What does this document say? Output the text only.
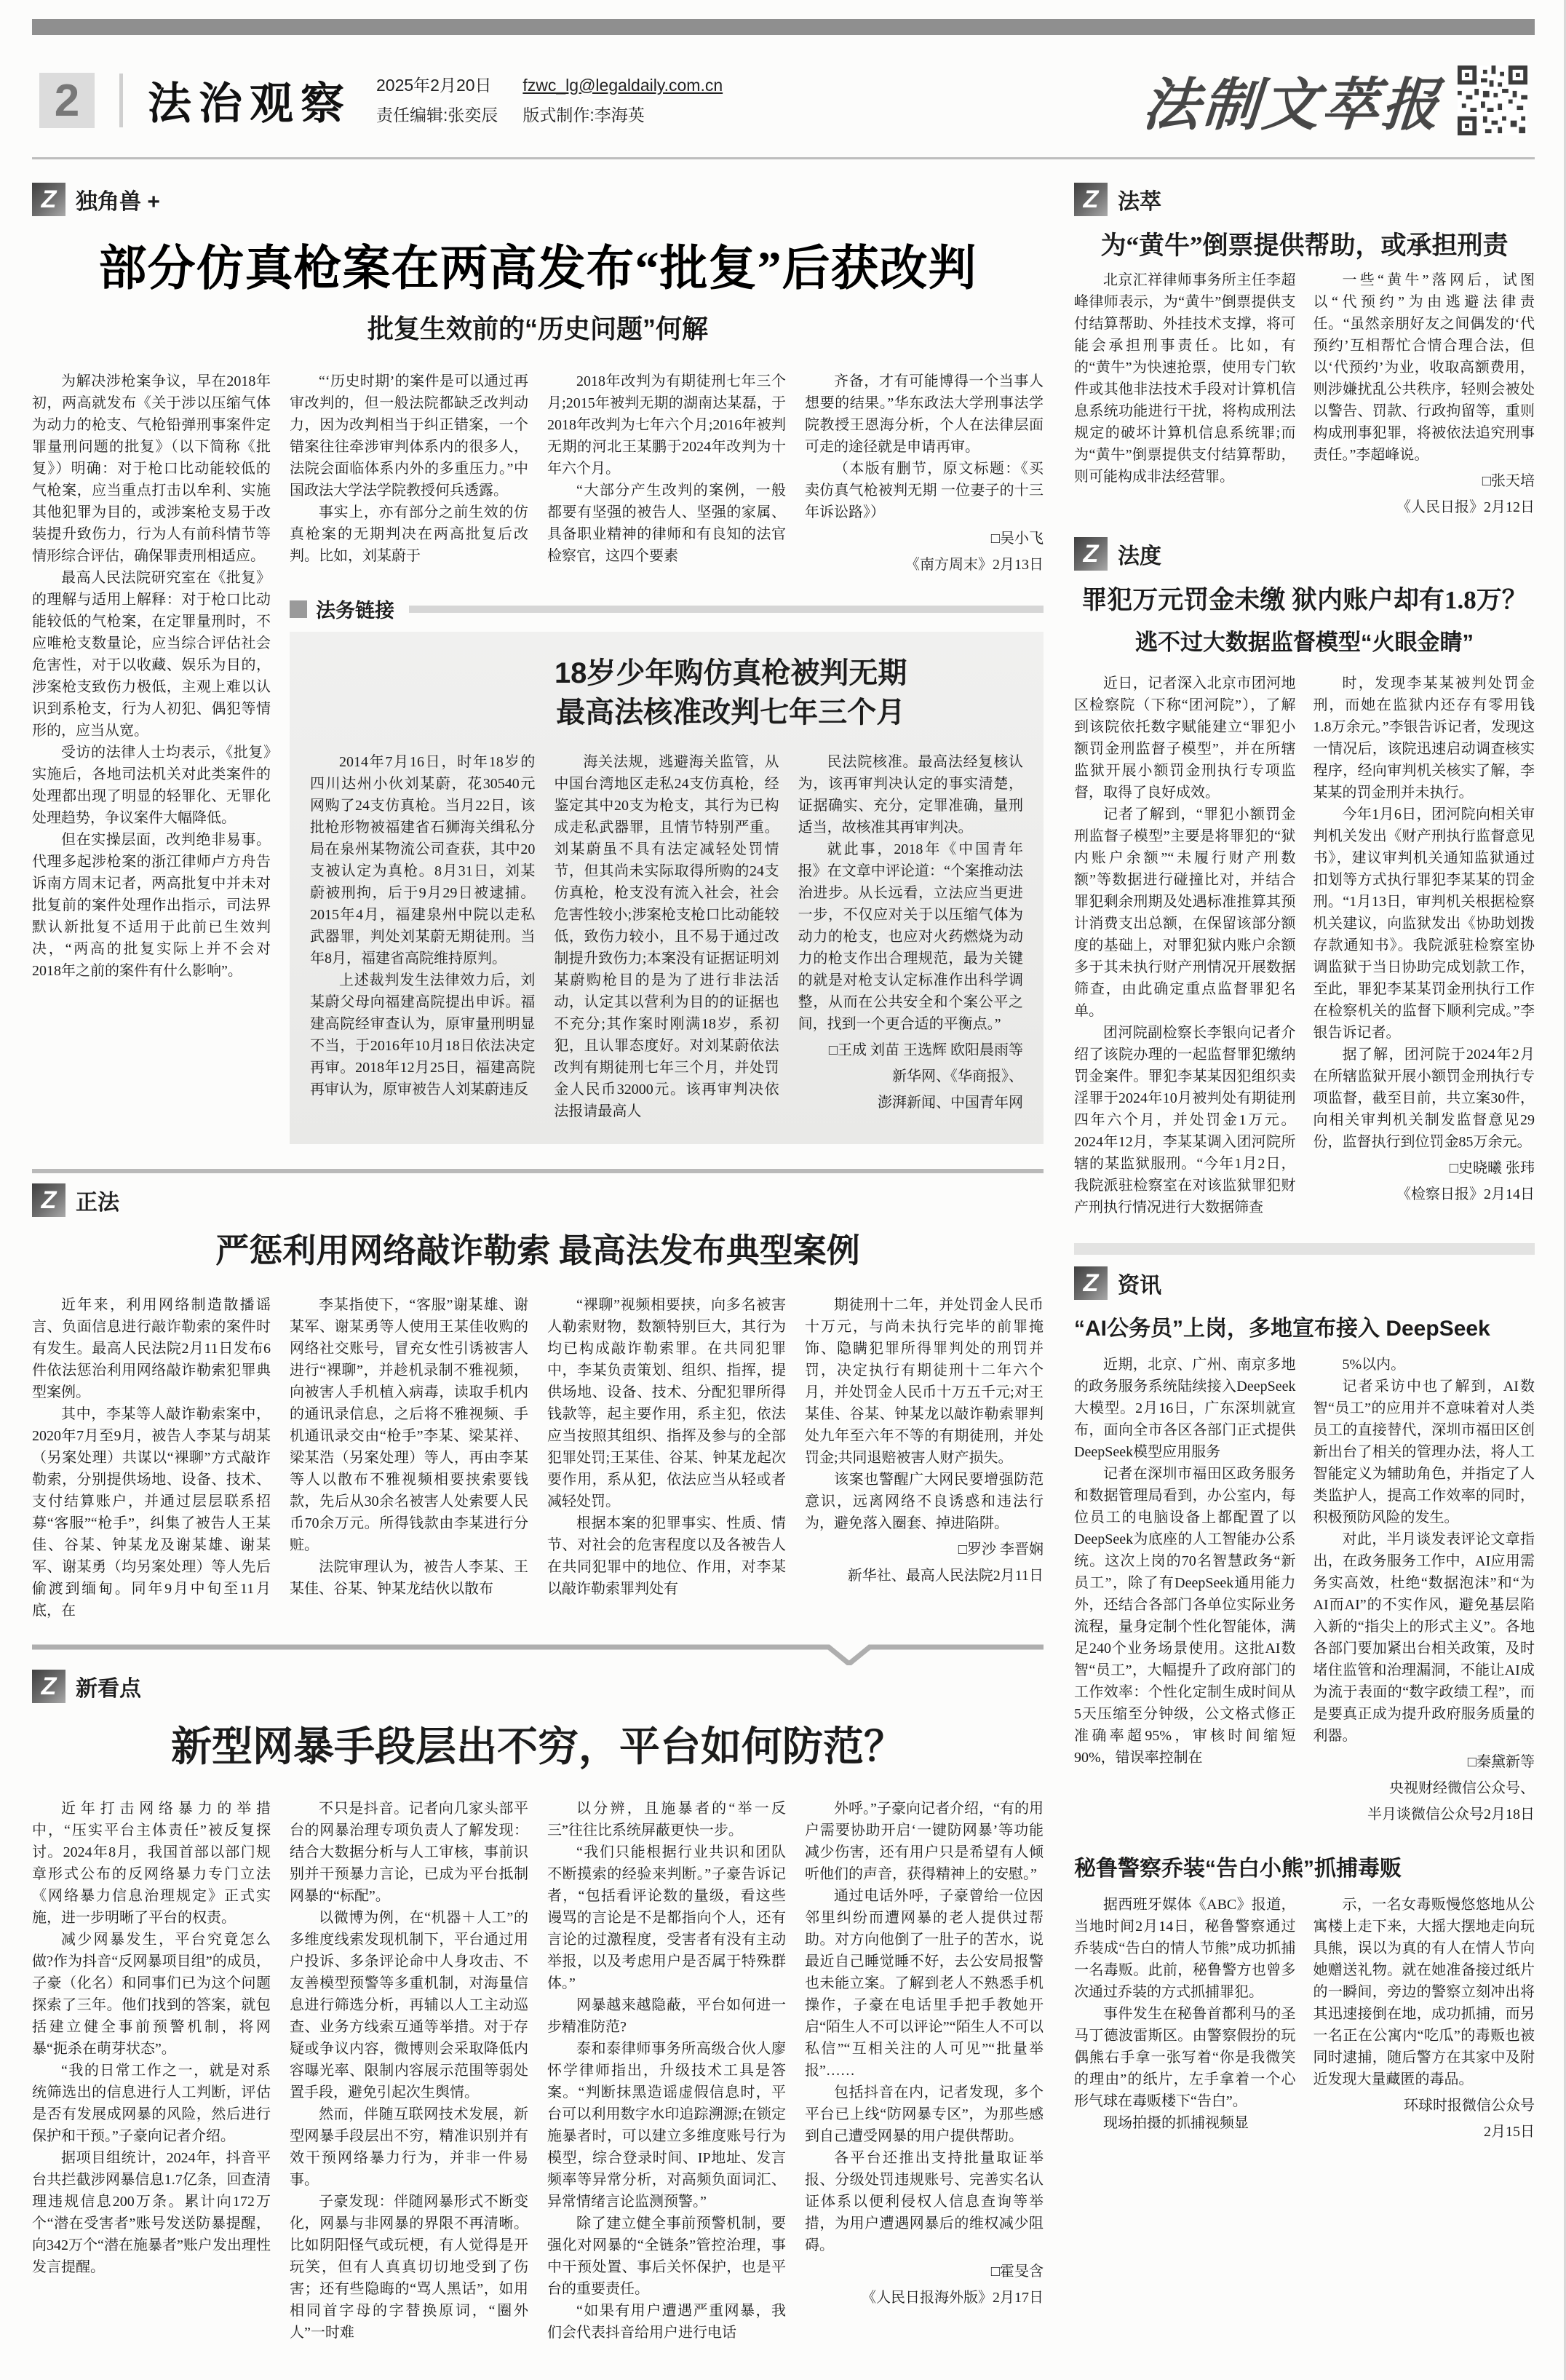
2	法治观察 2025年2月20日
责任编辑:张奕辰
fzwc_lg@legaldaily.com.cn
版式制作:李海英	法制文萃报
Z 独角兽 +
部分仿真枪案在两高发布“批复”后获改判
批复生效前的“历史问题”何解

为解决涉枪案争议，早在2018年初，两高就发布《关于涉以压缩气体为动力的枪支、气枪铅弹刑事案件定罪量刑问题的批复》（以下简称《批复》）明确：对于枪口比动能较低的气枪案，应当重点打击以牟利、实施其他犯罪为目的，或涉案枪支易于改装提升致伤力，行为人有前科情节等情形综合评估，确保罪责刑相适应。

最高人民法院研究室在《批复》的理解与适用上解释：对于枪口比动能较低的气枪案，在定罪量刑时，不应唯枪支数量论，应当综合评估社会危害性，对于以收藏、娱乐为目的，涉案枪支致伤力极低，主观上难以认识到系枪支，行为人初犯、偶犯等情形的，应当从宽。

受访的法律人士均表示，《批复》实施后，各地司法机关对此类案件的处理都出现了明显的轻罪化、无罪化处理趋势，争议案件大幅降低。

但在实操层面，改判绝非易事。代理多起涉枪案的浙江律师卢方舟告诉南方周末记者，两高批复中并未对批复前的案件处理作出指示，司法界默认新批复不适用于此前已生效判决，“两高的批复实际上并不会对2018年之前的案件有什么影响”。

“‘历史时期’的案件是可以通过再审改判的，但一般法院都缺乏改判动力，因为改判相当于纠正错案，一个错案往往牵涉审判体系内的很多人，法院会面临体系内外的多重压力。”中国政法大学法学院教授何兵透露。

事实上，亦有部分之前生效的仿真枪案的无期判决在两高批复后改判。比如，刘某蔚于

2018年改判为有期徒刑七年三个月;2015年被判无期的湖南达某磊，于2018年改判为七年六个月;2016年被判无期的河北王某鹏于2024年改判为十年六个月。

“大部分产生改判的案例，一般都要有坚强的被告人、坚强的家属、具备职业精神的律师和有良知的法官检察官，这四个要素

齐备，才有可能博得一个当事人想要的结果。”华东政法大学刑事法学院教授王恩海分析，个人在法律层面可走的途径就是申请再审。

（本版有删节，原文标题：《买卖仿真气枪被判无期 一位妻子的十三年诉讼路》）

□吴小飞

《南方周末》2月13日

法务链接
18岁少年购仿真枪被判无期
最高法核准改判七年三个月

2014年7月16日，时年18岁的四川达州小伙刘某蔚，花30540元网购了24支仿真枪。当月22日，该批枪形物被福建省石狮海关缉私分局在泉州某物流公司查获，其中20支被认定为真枪。8月31日，刘某蔚被刑拘，后于9月29日被逮捕。2015年4月，福建泉州中院以走私武器罪，判处刘某蔚无期徒刑。当年8月，福建省高院维持原判。

上述裁判发生法律效力后，刘某蔚父母向福建高院提出申诉。福建高院经审查认为，原审量刑明显不当，于2016年10月18日依法决定再审。2018年12月25日，福建高院再审认为，原审被告人刘某蔚违反

海关法规，逃避海关监管，从中国台湾地区走私24支仿真枪，经鉴定其中20支为枪支，其行为已构成走私武器罪，且情节特别严重。刘某蔚虽不具有法定减轻处罚情节，但其尚未实际取得所购的24支仿真枪，枪支没有流入社会，社会危害性较小;涉案枪支枪口比动能较低，致伤力较小，且不易于通过改制提升致伤力;本案没有证据证明刘某蔚购枪目的是为了进行非法活动，认定其以营利为目的的证据也不充分;其作案时刚满18岁，系初犯，且认罪态度好。对刘某蔚依法改判有期徒刑七年三个月，并处罚金人民币32000元。该再审判决依法报请最高人

民法院核准。最高法经复核认为，该再审判决认定的事实清楚，证据确实、充分，定罪准确，量刑适当，故核准其再审判决。

就此事，2018年《中国青年报》在文章中评论道：“个案推动法治进步。从长远看，立法应当更进一步，不仅应对关于以压缩气体为动力的枪支，也应对火药燃烧为动力的枪支作出合理规范，最为关键的就是对枪支认定标准作出科学调整，从而在公共安全和个案公平之间，找到一个更合适的平衡点。”

□王成 刘苗 王选辉 欧阳晨雨等

新华网、《华商报》、

澎湃新闻、中国青年网

Z 正法
严惩利用网络敲诈勒索 最高法发布典型案例

近年来，利用网络制造散播谣言、负面信息进行敲诈勒索的案件时有发生。最高人民法院2月11日发布6件依法惩治利用网络敲诈勒索犯罪典型案例。

其中，李某等人敲诈勒索案中，2020年7月至9月，被告人李某与胡某（另案处理）共谋以“裸聊”方式敲诈勒索，分别提供场地、设备、技术、支付结算账户，并通过层层联系招募“客服”“枪手”，纠集了被告人王某佳、谷某、钟某龙及谢某雄、谢某军、谢某勇（均另案处理）等人先后偷渡到缅甸。同年9月中旬至11月底，在

李某指使下，“客服”谢某雄、谢某军、谢某勇等人使用王某佳收购的网络社交账号，冒充女性引诱被害人进行“裸聊”，并趁机录制不雅视频，向被害人手机植入病毒，读取手机内的通讯录信息，之后将不雅视频、手机通讯录交由“枪手”李某、梁某祥、梁某浩（另案处理）等人，再由李某等人以散布不雅视频相要挟索要钱款，先后从30余名被害人处索要人民币70余万元。所得钱款由李某进行分赃。

法院审理认为，被告人李某、王某佳、谷某、钟某龙结伙以散布

“裸聊”视频相要挟，向多名被害人勒索财物，数额特别巨大，其行为均已构成敲诈勒索罪。在共同犯罪中，李某负责策划、组织、指挥，提供场地、设备、技术、分配犯罪所得钱款等，起主要作用，系主犯，依法应当按照其组织、指挥及参与的全部犯罪处罚;王某佳、谷某、钟某龙起次要作用，系从犯，依法应当从轻或者减轻处罚。

根据本案的犯罪事实、性质、情节、对社会的危害程度以及各被告人在共同犯罪中的地位、作用，对李某以敲诈勒索罪判处有

期徒刑十二年，并处罚金人民币十万元，与尚未执行完毕的前罪掩饰、隐瞒犯罪所得罪判处的刑罚并罚，决定执行有期徒刑十二年六个月，并处罚金人民币十万五千元;对王某佳、谷某、钟某龙以敲诈勒索罪判处九年至六年不等的有期徒刑，并处罚金;共同退赔被害人财产损失。

该案也警醒广大网民要增强防范意识，远离网络不良诱惑和违法行为，避免落入圈套、掉进陷阱。

□罗沙 李晋娴

新华社、最高人民法院2月11日

Z 新看点
新型网暴手段层出不穷，平台如何防范？

近年打击网络暴力的举措中，“压实平台主体责任”被反复探讨。2024年8月，我国首部以部门规章形式公布的反网络暴力专门立法《网络暴力信息治理规定》正式实施，进一步明晰了平台的权责。

减少网暴发生，平台究竟怎么做?作为抖音“反网暴项目组”的成员，子豪（化名）和同事们已为这个问题探索了三年。他们找到的答案，就包括建立健全事前预警机制，将网暴“扼杀在萌芽状态”。

“我的日常工作之一，就是对系统筛选出的信息进行人工判断，评估是否有发展成网暴的风险，然后进行保护和干预。”子豪向记者介绍。

据项目组统计，2024年，抖音平台共拦截涉网暴信息1.7亿条，回查清理违规信息200万条。累计向172万个“潜在受害者”账号发送防暴提醒，向342万个“潜在施暴者”账户发出理性发言提醒。

不只是抖音。记者向几家头部平台的网暴治理专项负责人了解发现：结合大数据分析与人工审核，事前识别并干预暴力言论，已成为平台抵制网暴的“标配”。

以微博为例，在“机器＋人工”的多维度线索发现机制下，平台通过用户投诉、多条评论命中人身攻击、不友善模型预警等多重机制，对海量信息进行筛选分析，再辅以人工主动巡查、业务方线索互通等举措。对于存疑或争议内容，微博则会采取降低内容曝光率、限制内容展示范围等弱处置手段，避免引起次生舆情。

然而，伴随互联网技术发展，新型网暴手段层出不穷，精准识别并有效干预网络暴力行为，并非一件易事。

子豪发现：伴随网暴形式不断变化，网暴与非网暴的界限不再清晰。比如阴阳怪气或玩梗，有人觉得是开玩笑，但有人真真切切地受到了伤害；还有些隐晦的“骂人黑话”，如用相同首字母的字替换原词，“圈外人”一时难

以分辨，且施暴者的“举一反三”往往比系统屏蔽更快一步。

“我们只能根据行业共识和团队不断摸索的经验来判断。”子豪告诉记者，“包括看评论数的量级，看这些谩骂的言论是不是都指向个人，还有言论的过激程度，受害者有没有主动举报，以及考虑用户是否属于特殊群体。”

网暴越来越隐蔽，平台如何进一步精准防范?

泰和泰律师事务所高级合伙人廖怀学律师指出，升级技术工具是答案。“判断抹黑造谣虚假信息时，平台可以利用数字水印追踪溯源;在锁定施暴者时，可以建立多维度账号行为模型，综合登录时间、IP地址、发言频率等异常分析，对高频负面词汇、异常情绪言论监测预警。”

除了建立健全事前预警机制，要强化对网暴的“全链条”管控治理，事中干预处置、事后关怀保护，也是平台的重要责任。

“如果有用户遭遇严重网暴，我们会代表抖音给用户进行电话

外呼。”子豪向记者介绍，“有的用户需要协助开启‘一键防网暴’等功能减少伤害，还有用户只是希望有人倾听他们的声音，获得精神上的安慰。”

通过电话外呼，子豪曾给一位因邻里纠纷而遭网暴的老人提供过帮助。对方向他倒了一肚子的苦水，说最近自己睡觉睡不好，去公安局报警也未能立案。了解到老人不熟悉手机操作，子豪在电话里手把手教她开启“陌生人不可以评论”“陌生人不可以私信”“互相关注的人可见”“批量举报”……

包括抖音在内，记者发现，多个平台已上线“防网暴专区”，为那些感到自己遭受网暴的用户提供帮助。

各平台还推出支持批量取证举报、分级处罚违规账号、完善实名认证体系以便利侵权人信息查询等举措，为用户遭遇网暴后的维权减少阻碍。

□霍旻含

《人民日报海外版》2月17日

Z 法萃
为“黄牛”倒票提供帮助，或承担刑责

北京汇祥律师事务所主任李超峰律师表示，为“黄牛”倒票提供支付结算帮助、外挂技术支撑，将可能会承担刑事责任。比如，有的“黄牛”为快速抢票，使用专门软件或其他非法技术手段对计算机信息系统功能进行干扰，将构成刑法规定的破坏计算机信息系统罪;而为“黄牛”倒票提供支付结算帮助，则可能构成非法经营罪。

一些“黄牛”落网后，试图以“代预约”为由逃避法律责任。“虽然亲朋好友之间偶发的‘代预约’互相帮忙合情合理合法，但以‘代预约’为业，收取高额费用，则涉嫌扰乱公共秩序，轻则会被处以警告、罚款、行政拘留等，重则构成刑事犯罪，将被依法追究刑事责任。”李超峰说。

□张天培

《人民日报》2月12日

Z 法度
罪犯万元罚金未缴 狱内账户却有1.8万？
逃不过大数据监督模型“火眼金睛”

近日，记者深入北京市团河地区检察院（下称“团河院”），了解到该院依托数字赋能建立“罪犯小额罚金刑监督子模型”，并在所辖监狱开展小额罚金刑执行专项监督，取得了良好成效。

记者了解到，“罪犯小额罚金刑监督子模型”主要是将罪犯的“狱内账户余额”“未履行财产刑数额”等数据进行碰撞比对，并结合罪犯剩余刑期及处遇标准推算其预计消费支出总额，在保留该部分额度的基础上，对罪犯狱内账户余额多于其未执行财产刑情况开展数据筛查，由此确定重点监督罪犯名单。

团河院副检察长李银向记者介绍了该院办理的一起监督罪犯缴纳罚金案件。罪犯李某某因犯组织卖淫罪于2024年10月被判处有期徒刑四年六个月，并处罚金1万元。2024年12月，李某某调入团河院所辖的某监狱服刑。“今年1月2日，我院派驻检察室在对该监狱罪犯财产刑执行情况进行大数据筛查

时，发现李某某被判处罚金刑，而她在监狱内还存有零用钱1.8万余元。”李银告诉记者，发现这一情况后，该院迅速启动调查核实程序，经向审判机关核实了解，李某某的罚金刑并未执行。

今年1月6日，团河院向相关审判机关发出《财产刑执行监督意见书》，建议审判机关通知监狱通过扣划等方式执行罪犯李某某的罚金刑。“1月13日，审判机关根据检察机关建议，向监狱发出《协助划拨存款通知书》。我院派驻检察室协调监狱于当日协助完成划款工作，至此，罪犯李某某罚金刑执行工作在检察机关的监督下顺利完成。”李银告诉记者。

据了解，团河院于2024年2月在所辖监狱开展小额罚金刑执行专项监督，截至目前，共立案30件，向相关审判机关制发监督意见29份，监督执行到位罚金85万余元。

□史晓曦 张玮

《检察日报》2月14日

Z 资讯
“AI公务员”上岗，多地宣布接入 DeepSeek

近期，北京、广州、南京多地的政务服务系统陆续接入DeepSeek大模型。2月16日，广东深圳就宣布，面向全市各区各部门正式提供DeepSeek模型应用服务

记者在深圳市福田区政务服务和数据管理局看到，办公室内，每位员工的电脑设备上都配置了以DeepSeek为底座的人工智能办公系统。这次上岗的70名智慧政务“新员工”，除了有DeepSeek通用能力外，还结合各部门各单位实际业务流程，量身定制个性化智能体，满足240个业务场景使用。这批AI数智“员工”，大幅提升了政府部门的工作效率：个性化定制生成时间从5天压缩至分钟级，公文格式修正准确率超95%，审核时间缩短90%，错误率控制在

5%以内。

记者采访中也了解到，AI数智“员工”的应用并不意味着对人类员工的直接替代，深圳市福田区创新出台了相关的管理办法，将人工智能定义为辅助角色，并指定了人类监护人，提高工作效率的同时，积极预防风险的发生。

对此，半月谈发表评论文章指出，在政务服务工作中，AI应用需务实高效，杜绝“数据泡沫”和“为AI而AI”的不实作风，避免基层陷入新的“指尖上的形式主义”。各地各部门要加紧出台相关政策，及时堵住监管和治理漏洞，不能让AI成为流于表面的“数字政绩工程”，而是要真正成为提升政府服务质量的利器。

□秦黛新等

央视财经微信公众号、

半月谈微信公众号2月18日

秘鲁警察乔装“告白小熊”抓捕毒贩

据西班牙媒体《ABC》报道，当地时间2月14日，秘鲁警察通过乔装成“告白的情人节熊”成功抓捕一名毒贩。此前，秘鲁警方也曾多次通过乔装的方式抓捕罪犯。

事件发生在秘鲁首都利马的圣马丁德波雷斯区。由警察假扮的玩偶熊右手拿一张写着“你是我微笑的理由”的纸片，左手拿着一个心形气球在毒贩楼下“告白”。

现场拍摄的抓捕视频显

示，一名女毒贩慢悠悠地从公寓楼上走下来，大摇大摆地走向玩具熊，误以为真的有人在情人节向她赠送礼物。就在她准备接过纸片的一瞬间，旁边的警察立刻冲出将其迅速接倒在地，成功抓捕，而另一名正在公寓内“吃瓜”的毒贩也被同时逮捕，随后警方在其家中及附近发现大量藏匿的毒品。

环球时报微信公众号

2月15日
